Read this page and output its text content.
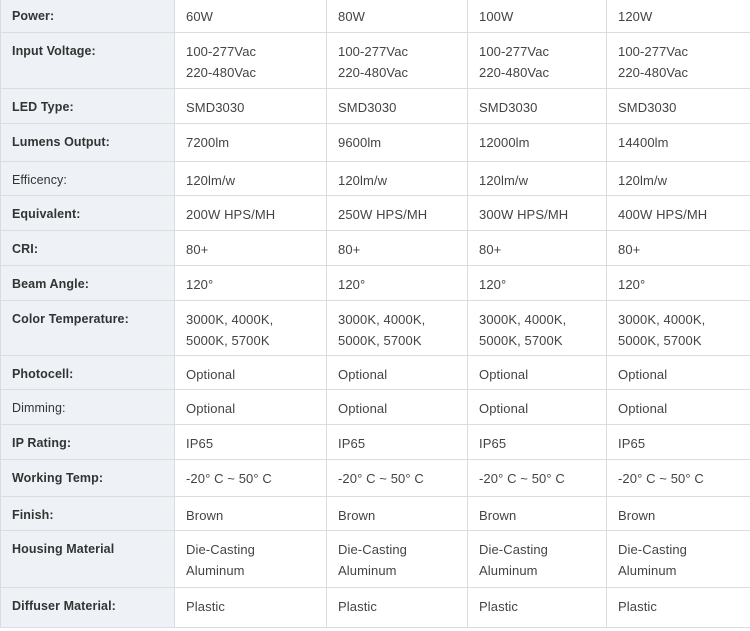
Power:	60W	80W	100W	120W

Input Voltage:	100-277Vac
220-480Vac	100-277Vac
220-480Vac	100-277Vac
220-480Vac	100-277Vac
220-480Vac

LED Type:	SMD3030	SMD3030	SMD3030	SMD3030

Lumens Output:	7200lm	9600lm	12000lm	14400lm

Efficency:	120lm/w	120lm/w	120lm/w	120lm/w

Equivalent:	200W HPS/MH	250W HPS/MH	300W HPS/MH	400W HPS/MH

CRI:	80+	80+	80+	80+

Beam Angle:	120°	120°	120°	120°

Color Temperature:	3000K, 4000K,
5000K, 5700K	3000K, 4000K,
5000K, 5700K	3000K, 4000K,
5000K, 5700K	3000K, 4000K,
5000K, 5700K

Photocell:	Optional	Optional	Optional	Optional

Dimming:	Optional	Optional	Optional	Optional

IP Rating:	IP65	IP65	IP65	IP65

Working Temp:	-20° C ~ 50° C	-20° C ~ 50° C	-20° C ~ 50° C	-20° C ~ 50° C

Finish:	Brown	Brown	Brown	Brown

Housing Material	Die-Casting
Aluminum	Die-Casting
Aluminum	Die-Casting
Aluminum	Die-Casting
Aluminum

Diffuser Material:	Plastic	Plastic	Plastic	Plastic
